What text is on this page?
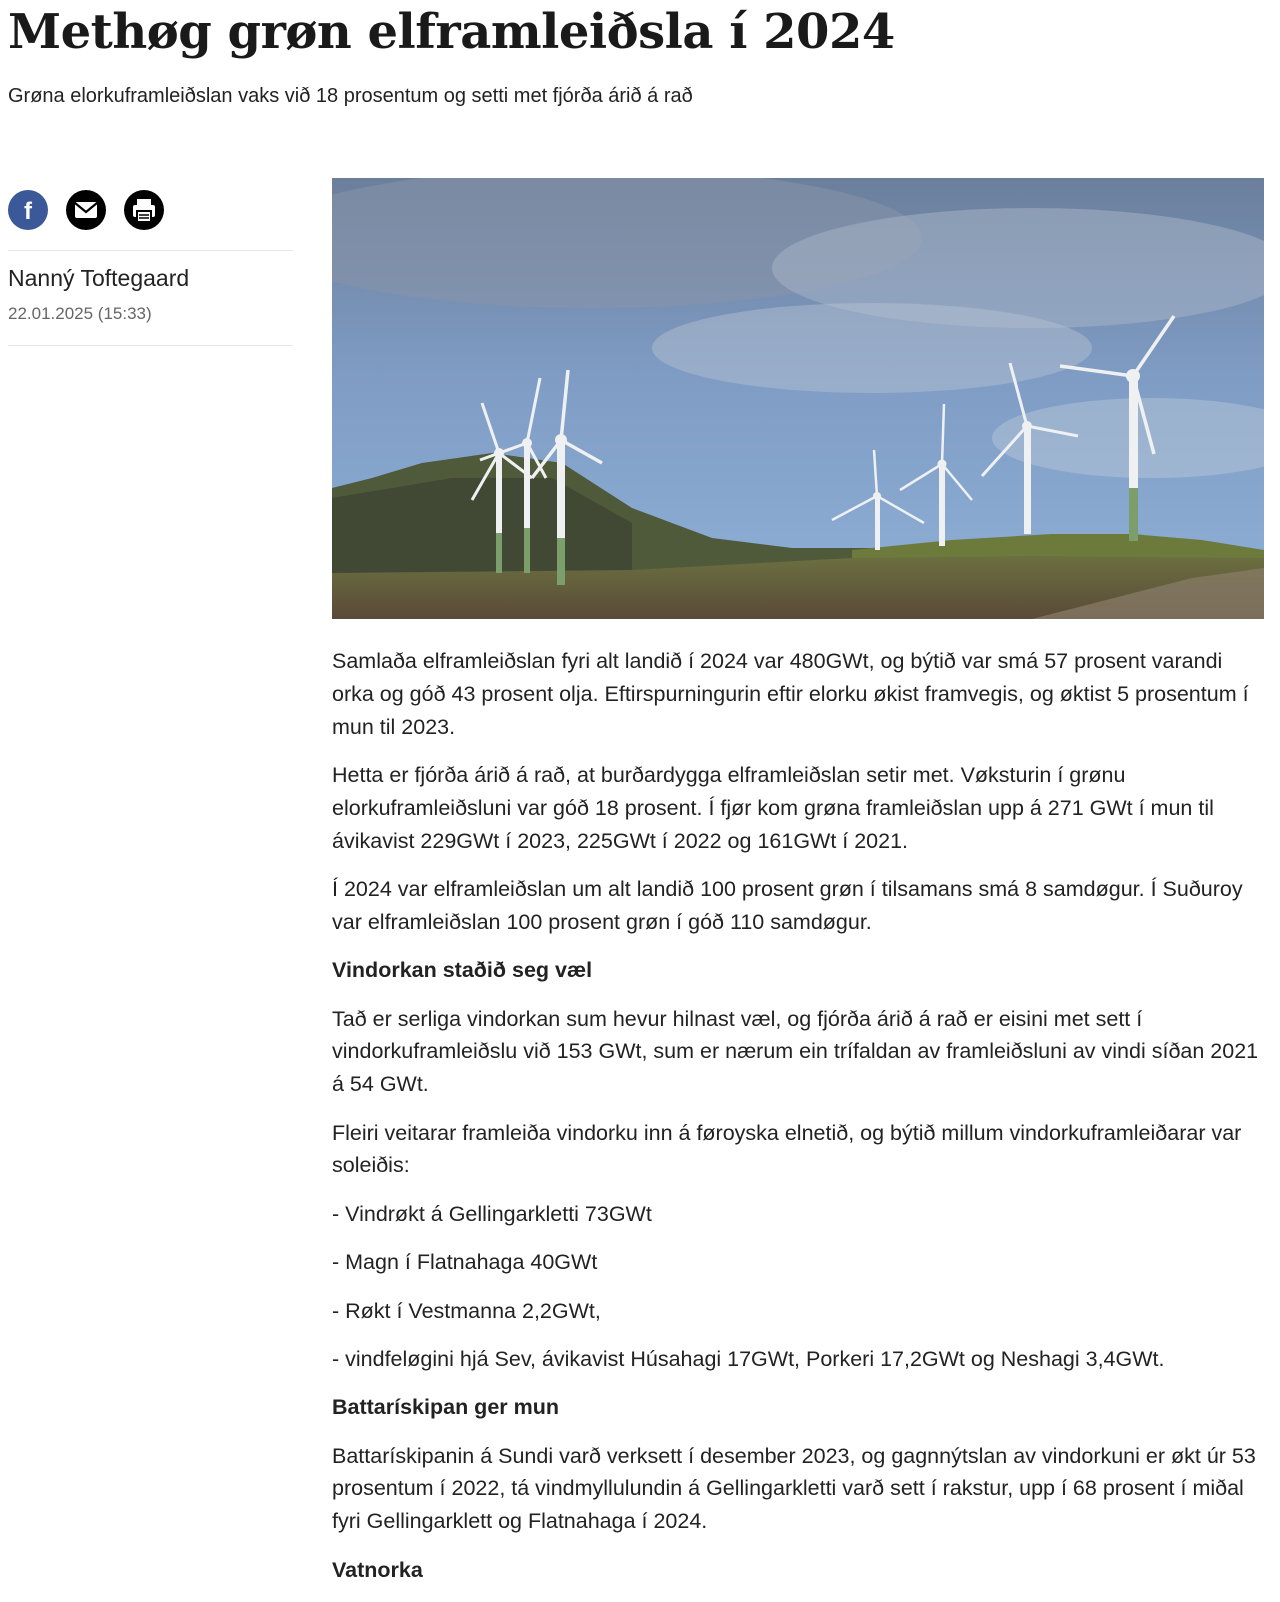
Methøg grøn elframleiðsla í 2024

Grøna elorkuframleiðslan vaks við 18 prosentum og setti met fjórða árið á rað

f
Nanný Toftegaard
22.01.2025 (15:33)

Samlaða elframleiðslan fyri alt landið í 2024 var 480GWt, og býtið var smá 57 prosent varandi orka og góð 43 prosent olja. Eftirspurningurin eftir elorku økist framvegis, og øktist 5 prosentum í mun til 2023.

Hetta er fjórða árið á rað, at burðardygga elframleiðslan setir met. Vøksturin í grønu elorkuframleiðsluni var góð 18 prosent. Í fjør kom grøna framleiðslan upp á 271 GWt í mun til ávikavist 229GWt í 2023, 225GWt í 2022 og 161GWt í 2021.

Í 2024 var elframleiðslan um alt landið 100 prosent grøn í tilsamans smá 8 samdøgur. Í Suðuroy var elframleiðslan 100 prosent grøn í góð 110 samdøgur.

Vindorkan staðið seg væl

Tað er serliga vindorkan sum hevur hilnast væl, og fjórða árið á rað er eisini met sett í vindorkuframleiðslu við 153 GWt, sum er nærum ein trífaldan av framleiðsluni av vindi síðan 2021 á 54 GWt.

Fleiri veitarar framleiða vindorku inn á føroyska elnetið, og býtið millum vindorkuframleiðarar var soleiðis:

- Vindrøkt á Gellingarkletti 73GWt

- Magn í Flatnahaga 40GWt

- Røkt í Vestmanna 2,2GWt,

- vindfeløgini hjá Sev, ávikavist Húsahagi 17GWt, Porkeri 17,2GWt og Neshagi 3,4GWt.

Battarískipan ger mun

Battarískipanin á Sundi varð verksett í desember 2023, og gagnnýtslan av vindorkuni er økt úr 53 prosentum í 2022, tá vindmyllulundin á Gellingarkletti varð sett í rakstur, upp í 68 prosent í miðal fyri Gellingarklett og Flatnahaga í 2024.

Vatnorka
